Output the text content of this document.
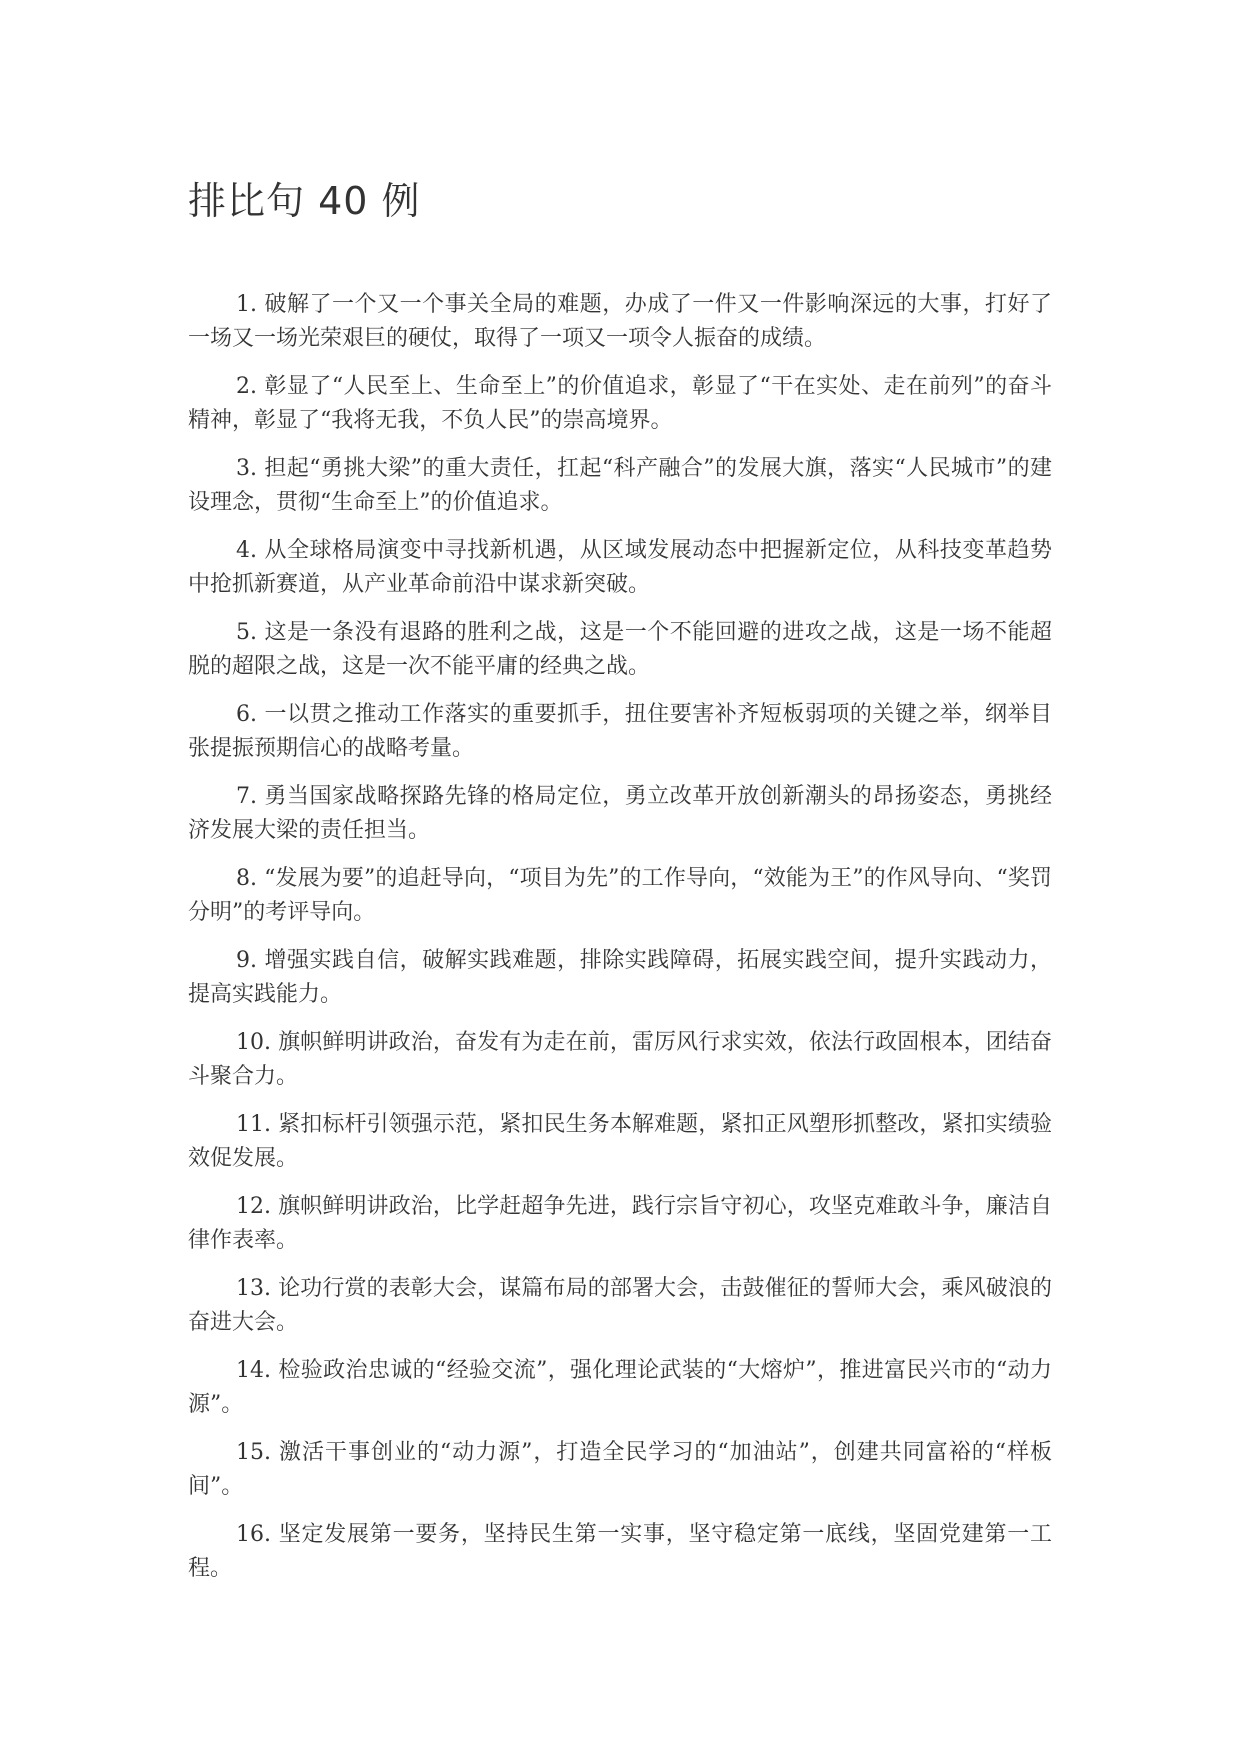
排比句 40 例

1. 破解了一个又一个事关全局的难题，办成了一件又一件影响深远的大事，打好了一场又一场光荣艰巨的硬仗，取得了一项又一项令人振奋的成绩。

2. 彰显了“人民至上、生命至上”的价值追求，彰显了“干在实处、走在前列”的奋斗精神，彰显了“我将无我，不负人民”的崇高境界。

3. 担起“勇挑大梁”的重大责任，扛起“科产融合”的发展大旗，落实“人民城市”的建设理念，贯彻“生命至上”的价值追求。

4. 从全球格局演变中寻找新机遇，从区域发展动态中把握新定位，从科技变革趋势中抢抓新赛道，从产业革命前沿中谋求新突破。

5. 这是一条没有退路的胜利之战，这是一个不能回避的进攻之战，这是一场不能超脱的超限之战，这是一次不能平庸的经典之战。

6. 一以贯之推动工作落实的重要抓手，扭住要害补齐短板弱项的关键之举，纲举目张提振预期信心的战略考量。

7. 勇当国家战略探路先锋的格局定位，勇立改革开放创新潮头的昂扬姿态，勇挑经济发展大梁的责任担当。

8. “发展为要”的追赶导向，“项目为先”的工作导向，“效能为王”的作风导向、“奖罚分明”的考评导向。

9. 增强实践自信，破解实践难题，排除实践障碍，拓展实践空间，提升实践动力，提高实践能力。

10. 旗帜鲜明讲政治，奋发有为走在前，雷厉风行求实效，依法行政固根本，团结奋斗聚合力。

11. 紧扣标杆引领强示范，紧扣民生务本解难题，紧扣正风塑形抓整改，紧扣实绩验效促发展。

12. 旗帜鲜明讲政治，比学赶超争先进，践行宗旨守初心，攻坚克难敢斗争，廉洁自律作表率。

13. 论功行赏的表彰大会，谋篇布局的部署大会，击鼓催征的誓师大会，乘风破浪的奋进大会。

14. 检验政治忠诚的“经验交流”，强化理论武装的“大熔炉”，推进富民兴市的“动力源”。

15. 激活干事创业的“动力源”，打造全民学习的“加油站”，创建共同富裕的“样板间”。

16. 坚定发展第一要务，坚持民生第一实事，坚守稳定第一底线，坚固党建第一工程。
